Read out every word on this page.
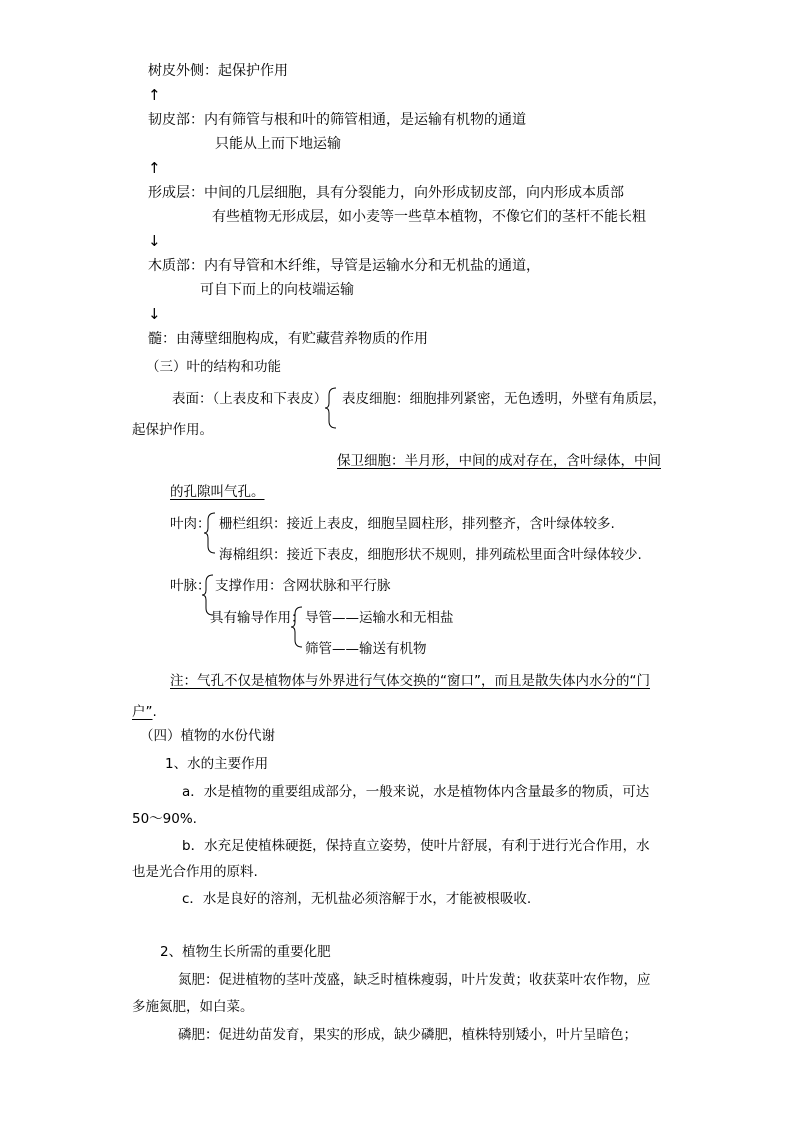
树皮外侧：起保护作用
↑
韧皮部：内有筛管与根和叶的筛管相通，是运输有机物的通道
只能从上而下地运输
↑
形成层：中间的几层细胞，具有分裂能力，向外形成韧皮部，向内形成本质部
有些植物无形成层，如小麦等一些草本植物，不像它们的茎杆不能长粗
↓
木质部：内有导管和木纤维，导管是运输水分和无机盐的通道，
可自下而上的向枝端运输
↓
髓：由薄壁细胞构成，有贮藏营养物质的作用
（三）叶的结构和功能
表面：（上表皮和下表皮） 表皮细胞：细胞排列紧密，无色透明，外壁有角质层，
起保护作用。
保卫细胞：半月形，中间的成对存在，含叶绿体，中间
的孔隙叫气孔。
叶肉： 栅栏组织：接近上表皮，细胞呈圆柱形，排列整齐，含叶绿体较多.
海棉组织：接近下表皮，细胞形状不规则，排列疏松里面含叶绿体较少.
叶脉： 支撑作用：含网状脉和平行脉
具有输导作用： 导管——运输水和无相盐
筛管——输送有机物
注：气孔不仅是植物体与外界进行气体交换的“窗口”，而且是散失体内水分的“门
户”.
（四）植物的水份代谢
1、水的主要作用
a．水是植物的重要组成部分，一般来说，水是植物体内含量最多的物质，可达
50～90%.
b．水充足使植株硬挺，保持直立姿势，使叶片舒展，有利于进行光合作用，水
也是光合作用的原料.
c．水是良好的溶剂，无机盐必须溶解于水，才能被根吸收.
2、植物生长所需的重要化肥
氮肥：促进植物的茎叶茂盛，缺乏时植株瘦弱，叶片发黄；收获菜叶农作物，应
多施氮肥，如白菜。
磷肥：促进幼苗发育，果实的形成，缺少磷肥，植株特别矮小，叶片呈暗色；
